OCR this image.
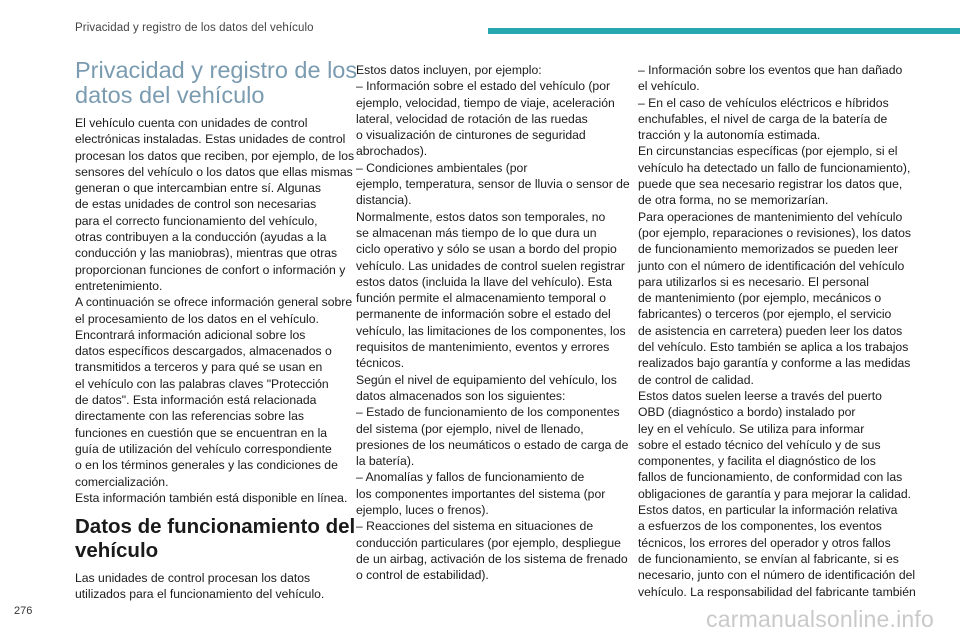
Privacidad y registro de los datos del vehículo
Privacidad y registro de los
datos del vehículo
El vehículo cuenta con unidades de control
electrónicas instaladas. Estas unidades de control
procesan los datos que reciben, por ejemplo, de los
sensores del vehículo o los datos que ellas mismas
generan o que intercambian entre sí. Algunas
de estas unidades de control son necesarias
para el correcto funcionamiento del vehículo,
otras contribuyen a la conducción (ayudas a la
conducción y las maniobras), mientras que otras
proporcionan funciones de confort o información y
entretenimiento.
A continuación se ofrece información general sobre
el procesamiento de los datos en el vehículo.
Encontrará información adicional sobre los
datos específicos descargados, almacenados o
transmitidos a terceros y para qué se usan en
el vehículo con las palabras claves "Protección
de datos". Esta información está relacionada
directamente con las referencias sobre las
funciones en cuestión que se encuentran en la
guía de utilización del vehículo correspondiente
o en los términos generales y las condiciones de
comercialización.
Esta información también está disponible en línea.
Datos de funcionamiento del
vehículo
Las unidades de control procesan los datos
utilizados para el funcionamiento del vehículo.
Estos datos incluyen, por ejemplo:
– Información sobre el estado del vehículo (por
ejemplo, velocidad, tiempo de viaje, aceleración
lateral, velocidad de rotación de las ruedas
o visualización de cinturones de seguridad
abrochados).
– Condiciones ambientales (por
ejemplo, temperatura, sensor de lluvia o sensor de
distancia).
Normalmente, estos datos son temporales, no
se almacenan más tiempo de lo que dura un
ciclo operativo y sólo se usan a bordo del propio
vehículo. Las unidades de control suelen registrar
estos datos (incluida la llave del vehículo). Esta
función permite el almacenamiento temporal o
permanente de información sobre el estado del
vehículo, las limitaciones de los componentes, los
requisitos de mantenimiento, eventos y errores
técnicos.
Según el nivel de equipamiento del vehículo, los
datos almacenados son los siguientes:
– Estado de funcionamiento de los componentes
del sistema (por ejemplo, nivel de llenado,
presiones de los neumáticos o estado de carga de
la batería).
– Anomalías y fallos de funcionamiento de
los componentes importantes del sistema (por
ejemplo, luces o frenos).
– Reacciones del sistema en situaciones de
conducción particulares (por ejemplo, despliegue
de un airbag, activación de los sistema de frenado
o control de estabilidad).
– Información sobre los eventos que han dañado
el vehículo.
– En el caso de vehículos eléctricos e híbridos
enchufables, el nivel de carga de la batería de
tracción y la autonomía estimada.
En circunstancias específicas (por ejemplo, si el
vehículo ha detectado un fallo de funcionamiento),
puede que sea necesario registrar los datos que,
de otra forma, no se memorizarían.
Para operaciones de mantenimiento del vehículo
(por ejemplo, reparaciones o revisiones), los datos
de funcionamiento memorizados se pueden leer
junto con el número de identificación del vehículo
para utilizarlos si es necesario. El personal
de mantenimiento (por ejemplo, mecánicos o
fabricantes) o terceros (por ejemplo, el servicio
de asistencia en carretera) pueden leer los datos
del vehículo. Esto también se aplica a los trabajos
realizados bajo garantía y conforme a las medidas
de control de calidad.
Estos datos suelen leerse a través del puerto
OBD (diagnóstico a bordo) instalado por
ley en el vehículo. Se utiliza para informar
sobre el estado técnico del vehículo y de sus
componentes, y facilita el diagnóstico de los
fallos de funcionamiento, de conformidad con las
obligaciones de garantía y para mejorar la calidad.
Estos datos, en particular la información relativa
a esfuerzos de los componentes, los eventos
técnicos, los errores del operador y otros fallos
de funcionamiento, se envían al fabricante, si es
necesario, junto con el número de identificación del
vehículo. La responsabilidad del fabricante también
276	carmanualsonline.info
